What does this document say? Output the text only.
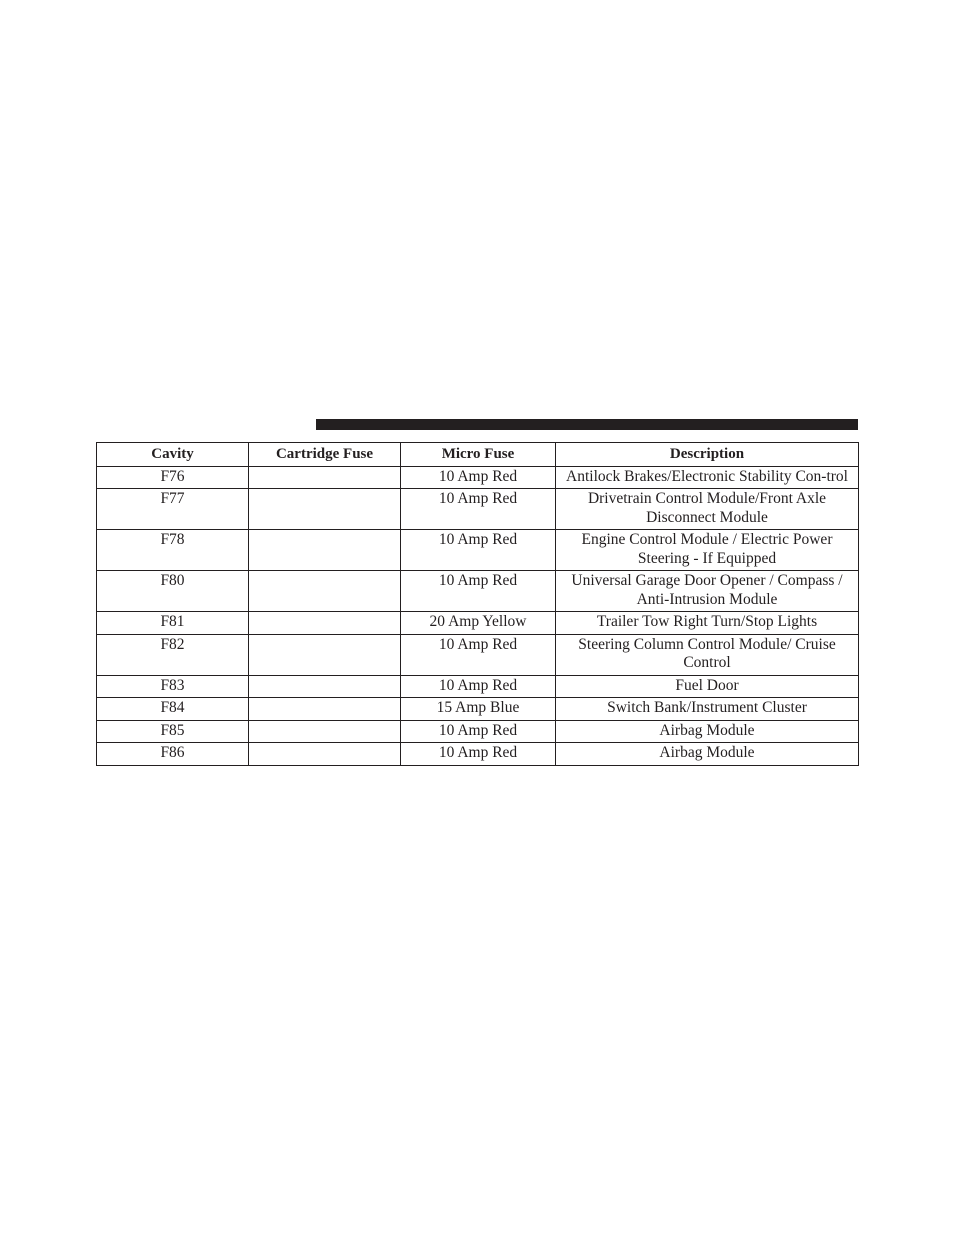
Cavity	Cartridge Fuse	Micro Fuse	Description
F76		10 Amp Red	Antilock Brakes/Electronic Stability Con-trol
F77		10 Amp Red	Drivetrain Control Module/Front Axle Disconnect Module
F78		10 Amp Red	Engine Control Module / Electric Power Steering - If Equipped
F80		10 Amp Red	Universal Garage Door Opener / Compass / Anti-Intrusion Module
F81		20 Amp Yellow	Trailer Tow Right Turn/Stop Lights
F82		10 Amp Red	Steering Column Control Module/ Cruise Control
F83		10 Amp Red	Fuel Door
F84		15 Amp Blue	Switch Bank/Instrument Cluster
F85		10 Amp Red	Airbag Module
F86		10 Amp Red	Airbag Module
